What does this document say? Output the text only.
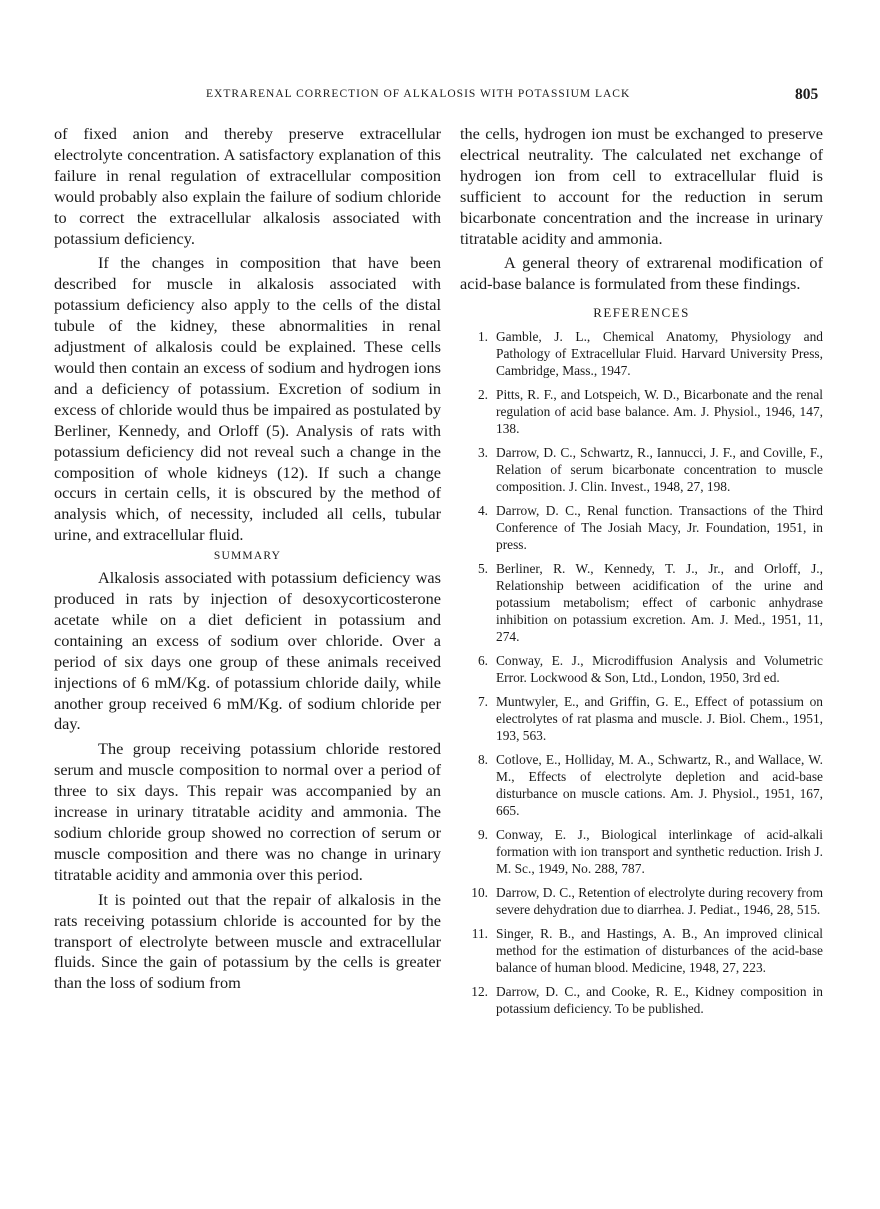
EXTRARENAL CORRECTION OF ALKALOSIS WITH POTASSIUM LACK	805

of fixed anion and thereby preserve extracellular electrolyte concentration. A satisfactory explanation of this failure in renal regulation of extracellular composition would probably also explain the failure of sodium chloride to correct the extracellular alkalosis associated with potassium deficiency.

If the changes in composition that have been described for muscle in alkalosis associated with potassium deficiency also apply to the cells of the distal tubule of the kidney, these abnormalities in renal adjustment of alkalosis could be explained. These cells would then contain an excess of sodium and hydrogen ions and a deficiency of potassium. Excretion of sodium in excess of chloride would thus be impaired as postulated by Berliner, Kennedy, and Orloff (5). Analysis of rats with potassium deficiency did not reveal such a change in the composition of whole kidneys (12). If such a change occurs in certain cells, it is obscured by the method of analysis which, of necessity, included all cells, tubular urine, and extracellular fluid.

SUMMARY

Alkalosis associated with potassium deficiency was produced in rats by injection of desoxycorticosterone acetate while on a diet deficient in potassium and containing an excess of sodium over chloride. Over a period of six days one group of these animals received injections of 6 mM/Kg. of potassium chloride daily, while another group received 6 mM/Kg. of sodium chloride per day.

The group receiving potassium chloride restored serum and muscle composition to normal over a period of three to six days. This repair was accompanied by an increase in urinary titratable acidity and ammonia. The sodium chloride group showed no correction of serum or muscle composition and there was no change in urinary titratable acidity and ammonia over this period.

It is pointed out that the repair of alkalosis in the rats receiving potassium chloride is accounted for by the transport of electrolyte between muscle and extracellular fluids. Since the gain of potassium by the cells is greater than the loss of sodium from

the cells, hydrogen ion must be exchanged to preserve electrical neutrality. The calculated net exchange of hydrogen ion from cell to extracellular fluid is sufficient to account for the reduction in serum bicarbonate concentration and the increase in urinary titratable acidity and ammonia.

A general theory of extrarenal modification of acid-base balance is formulated from these findings.

REFERENCES
1. Gamble, J. L., Chemical Anatomy, Physiology and Pathology of Extracellular Fluid. Harvard University Press, Cambridge, Mass., 1947.
2. Pitts, R. F., and Lotspeich, W. D., Bicarbonate and the renal regulation of acid base balance. Am. J. Physiol., 1946, 147, 138.
3. Darrow, D. C., Schwartz, R., Iannucci, J. F., and Coville, F., Relation of serum bicarbonate concentration to muscle composition. J. Clin. Invest., 1948, 27, 198.
4. Darrow, D. C., Renal function. Transactions of the Third Conference of The Josiah Macy, Jr. Foundation, 1951, in press.
5. Berliner, R. W., Kennedy, T. J., Jr., and Orloff, J., Relationship between acidification of the urine and potassium metabolism; effect of carbonic anhydrase inhibition on potassium excretion. Am. J. Med., 1951, 11, 274.
6. Conway, E. J., Microdiffusion Analysis and Volumetric Error. Lockwood & Son, Ltd., London, 1950, 3rd ed.
7. Muntwyler, E., and Griffin, G. E., Effect of potassium on electrolytes of rat plasma and muscle. J. Biol. Chem., 1951, 193, 563.
8. Cotlove, E., Holliday, M. A., Schwartz, R., and Wallace, W. M., Effects of electrolyte depletion and acid-base disturbance on muscle cations. Am. J. Physiol., 1951, 167, 665.
9. Conway, E. J., Biological interlinkage of acid-alkali formation with ion transport and synthetic reduction. Irish J. M. Sc., 1949, No. 288, 787.
10. Darrow, D. C., Retention of electrolyte during recovery from severe dehydration due to diarrhea. J. Pediat., 1946, 28, 515.
11. Singer, R. B., and Hastings, A. B., An improved clinical method for the estimation of disturbances of the acid-base balance of human blood. Medicine, 1948, 27, 223.
12. Darrow, D. C., and Cooke, R. E., Kidney composition in potassium deficiency. To be published.
